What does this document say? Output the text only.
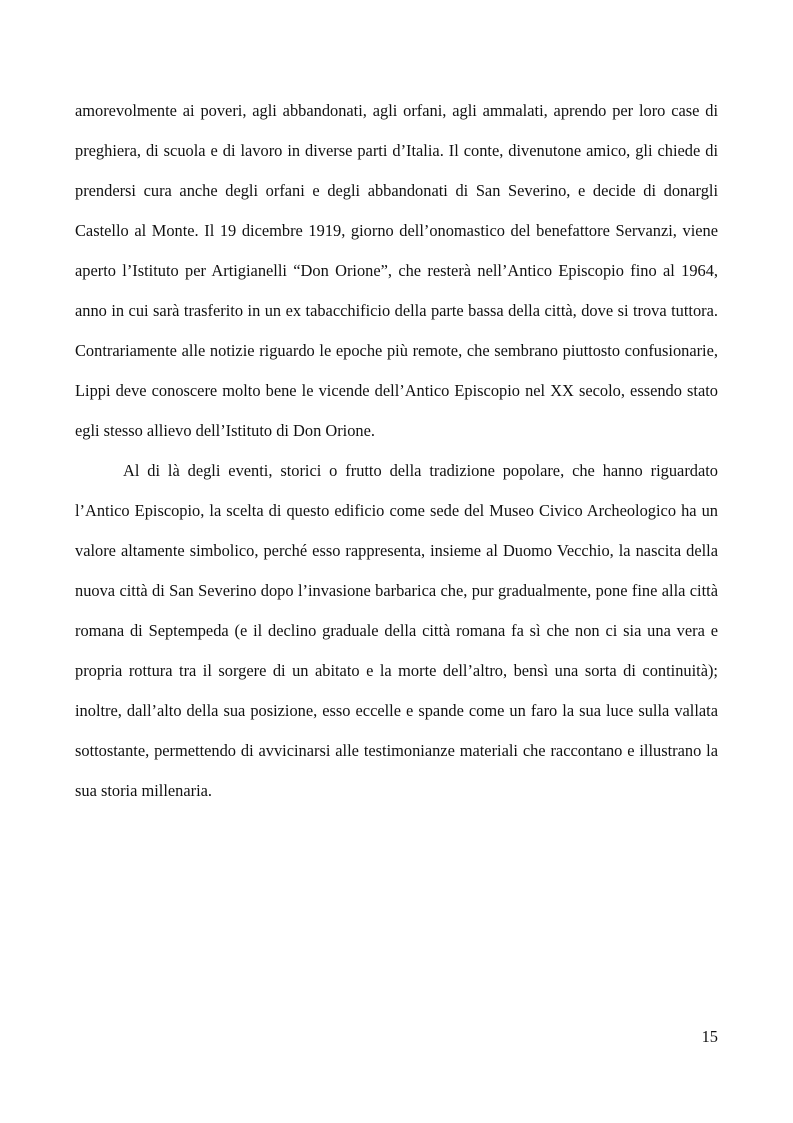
amorevolmente ai poveri, agli abbandonati, agli orfani, agli ammalati, aprendo per loro case di preghiera, di scuola e di lavoro in diverse parti d’Italia. Il conte, divenutone amico, gli chiede di prendersi cura anche degli orfani e degli abbandonati di San Severino, e decide di donargli Castello al Monte. Il 19 dicembre 1919, giorno dell’onomastico del benefattore Servanzi, viene aperto l’Istituto per Artigianelli “Don Orione”, che resterà nell’Antico Episcopio fino al 1964, anno in cui sarà trasferito in un ex tabacchificio della parte bassa della città, dove si trova tuttora. Contrariamente alle notizie riguardo le epoche più remote, che sembrano piuttosto confusionarie, Lippi deve conoscere molto bene le vicende dell’Antico Episcopio nel XX secolo, essendo stato egli stesso allievo dell’Istituto di Don Orione.

Al di là degli eventi, storici o frutto della tradizione popolare, che hanno riguardato l’Antico Episcopio, la scelta di questo edificio come sede del Museo Civico Archeologico ha un valore altamente simbolico, perché esso rappresenta, insieme al Duomo Vecchio, la nascita della nuova città di San Severino dopo l’invasione barbarica che, pur gradualmente, pone fine alla città romana di Septempeda (e il declino graduale della città romana fa sì che non ci sia una vera e propria rottura tra il sorgere di un abitato e la morte dell’altro, bensì una sorta di continuità); inoltre, dall’alto della sua posizione, esso eccelle e spande come un faro la sua luce sulla vallata sottostante, permettendo di avvicinarsi alle testimonianze materiali che raccontano e illustrano la sua storia millenaria.

15
